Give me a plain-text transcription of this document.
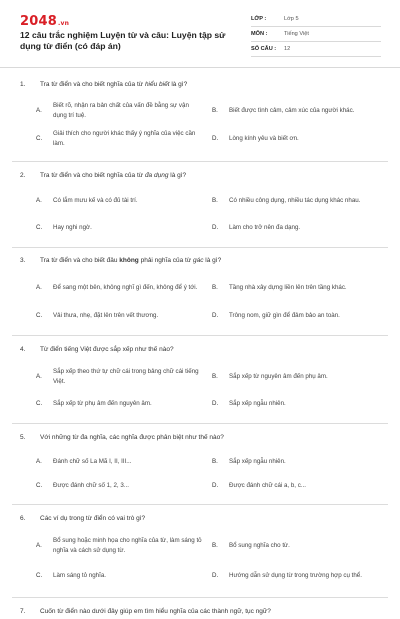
2048.vn
12 câu trắc nghiệm Luyện từ và câu: Luyện tập sử dụng từ điển (có đáp án)
LỚP :	Lớp 5
MÔN :	Tiếng Việt
SỐ CÂU :	12
1.	Tra từ điển và cho biết nghĩa của từ hiểu biết là gì?
A.
Biết rõ, nhận ra bản chất của vấn đề bằng sự vận dụng trí tuệ.
B.	Biết được tình cảm, cảm xúc của người khác.
C.
Giải thích cho người khác thấy ý nghĩa của việc cần làm.
D.	Lòng kính yêu và biết ơn.
2.	Tra từ điển và cho biết nghĩa của từ đa dụng là gì?
A.	Có lắm mưu kế và có đủ tài trí.	B.	Có nhiều công dụng, nhiều tác dụng khác nhau.
C.	Hay nghi ngờ.	D.	Làm cho trở nên đa dạng.
3.	Tra từ điển và cho biết đâu không phải nghĩa của từ gác là gì?
A.	Để sang một bên, không nghĩ gì đến, không để ý tới.	B.	Tầng nhà xây dựng liền lên trên tầng khác.
C.	Vải thưa, nhẹ, đặt lên trên vết thương.	D.	Trông nom, giữ gìn để đảm bảo an toàn.
4.	Từ điển tiếng Việt được sắp xếp như thế nào?
A.
Sắp xếp theo thứ tự chữ cái trong bảng chữ cái tiếng Việt.
B.	Sắp xếp từ nguyên âm đến phụ âm.
C.	Sắp xếp từ phụ âm đến nguyên âm.	D.	Sắp xếp ngẫu nhiên.
5.	Với những từ đa nghĩa, các nghĩa được phân biệt như thế nào?
A.	Đánh chữ số La Mã I, II, III...	B.	Sắp xếp ngẫu nhiên.
C.	Được đánh chữ số 1, 2, 3...	D.	Được đánh chữ cái a, b, c...
6.	Các ví dụ trong từ điển có vai trò gì?
A.
Bổ sung hoặc minh họa cho nghĩa của từ, làm sáng tỏ nghĩa và cách sử dụng từ.
B.	Bổ sung nghĩa cho từ.
C.	Làm sáng tỏ nghĩa.	D.	Hướng dẫn sử dụng từ trong trường hợp cụ thể.
7.	Cuốn từ điển nào dưới đây giúp em tìm hiểu nghĩa của các thành ngữ, tục ngữ?
